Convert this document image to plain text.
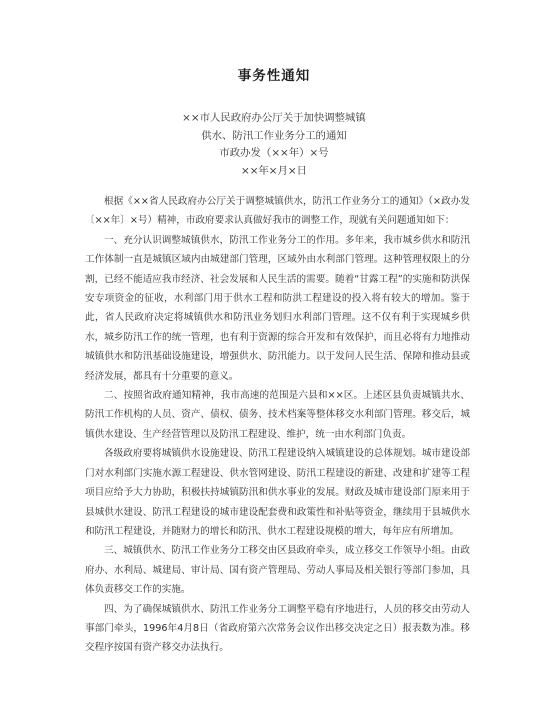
事务性通知
××市人民政府办公厅关于加快调整城镇
供水、防汛工作业务分工的通知
市政办发（××年）×号
××年×月×日

根据《××省人民政府办公厅关于调整城镇供水，防汛工作业务分工的通知》（×政办发〔××年〕×号）精神，市政府要求认真做好我市的调整工作，现就有关问题通知如下：

一、充分认识调整城镇供水，防汛工作业务分工的作用。多年来，我市城乡供水和防汛工作体制一直是城镇区域内由城建部门管理，区域外由水利部门管理。这种管理权限上的分割，已经不能适应我市经济、社会发展和人民生活的需要。随着“甘露工程”的实施和防洪保安专项资金的征收，水利部门用于供水工程和防洪工程建设的投入将有较大的增加。鉴于此，省人民政府决定将城镇供水和防汛业务划归水利部门管理。这不仅有利于实现城乡供水，城乡防汛工作的统一管理，也有利于资源的综合开发和有效保护，而且必将有力地推动城镇供水和防汛基础设施建设，增强供水、防汛能力。以于发问人民生活、保障和推动县或经济发展，都具有十分重要的意义。

二、按照省政府通知精神，我市高速的范围是六县和××区。上述区县负责城镇共水、防汛工作机构的人员、资产、债权、债务、技术档案等整体移交水利部门管理。移交后，城镇供水建设、生产经营管理以及防汛工程建设、维护，统一由水利部门负责。

各级政府要将城镇供水设施建设、防汛工程建设纳入城镇建设的总体规划。城市建设部门对水利部门实施水源工程建设、供水管网建设、防汛工程建设的新建、改建和扩建等工程项目应给予大力协助，积极扶持城镇防汛和供水事业的发展。财政及城市建设部门原来用于县城供水建设、防汛工程建设的城市建设配套费和政策性和补贴等资金，继续用于县城供水和防汛工程建设，并随财力的增长和防汛、供水工程建设规模的增大，每年应有所增加。

三、城镇供水、防汛工作业务分工移交由区县政府牵头，成立移交工作领导小组。由政府办、水利局、城建局、审计局、国有资产管理局、劳动人事局及相关银行等部门参加，具体负责移交工作的实施。

四、为了确保城镇供水、防汛工作业务分工调整平稳有序地进行，人员的移交由劳动人事部门牵头，1996年4月8日（省政府第六次常务会议作出移交决定之日）报表数为准。移交程序按国有资产移交办法执行。
